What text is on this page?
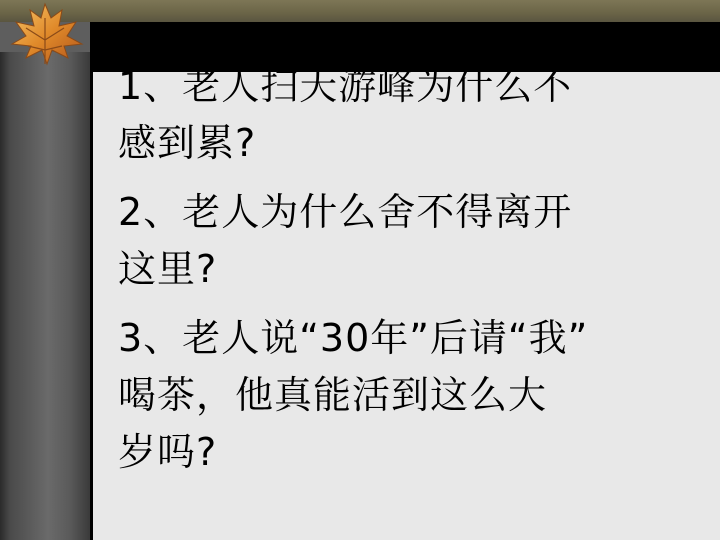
1、老人扫天游峰为什么不
感到累?
2、老人为什么舍不得离开
这里?
3、老人说“30年”后请“我”
喝茶，他真能活到这么大
岁吗?
